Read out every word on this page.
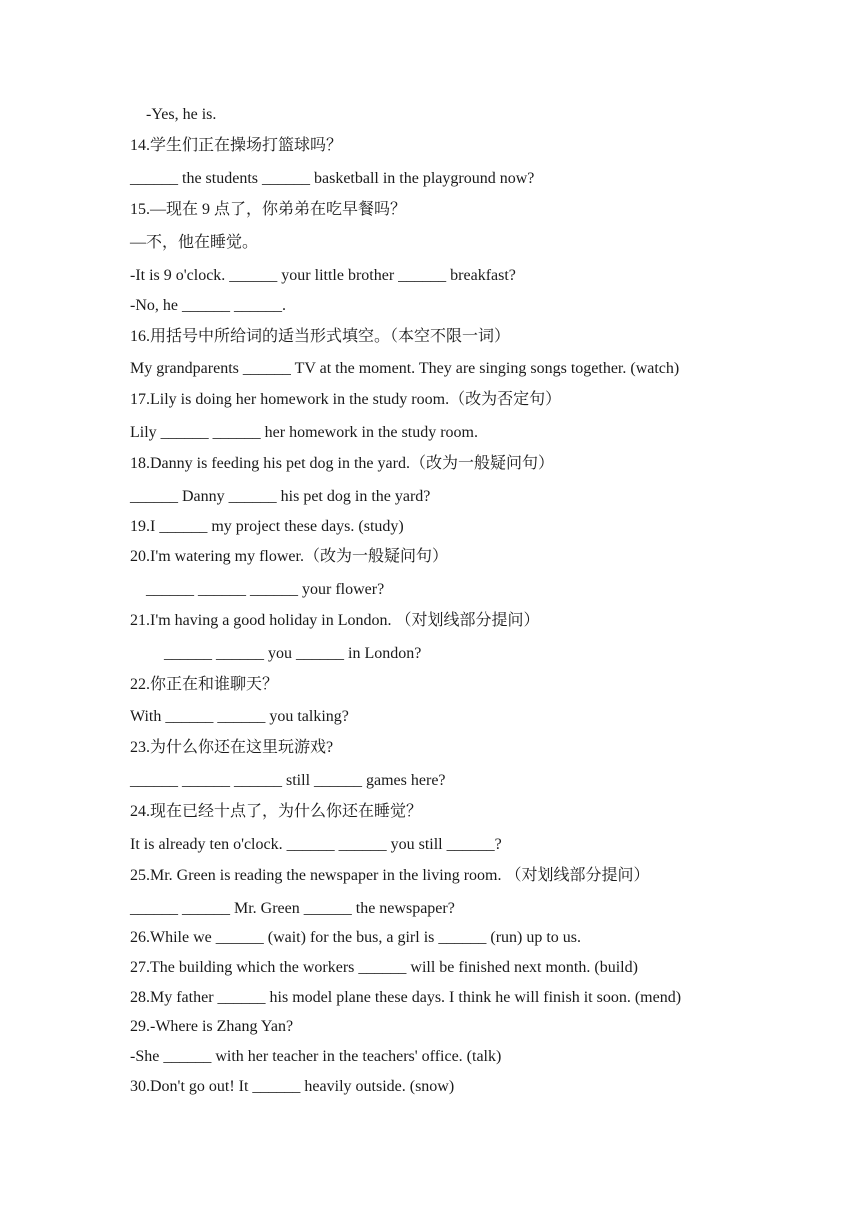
-Yes, he is.
14.学生们正在操场打篮球吗？
______ the students ______ basketball in the playground now?
15.—现在 9 点了，你弟弟在吃早餐吗？
—不，他在睡觉。
-It is 9 o'clock. ______ your little brother ______ breakfast?
-No, he ______ ______.
16.用括号中所给词的适当形式填空。（本空不限一词）
My grandparents ______ TV at the moment. They are singing songs together. (watch)
17.Lily is doing her homework in the study room.（改为否定句）
Lily ______ ______ her homework in the study room.
18.Danny is feeding his pet dog in the yard.（改为一般疑问句）
______ Danny ______ his pet dog in the yard?
19.I ______ my project these days. (study)
20.I'm watering my flower.（改为一般疑问句）
______ ______ ______ your flower?
21.I'm having a good holiday in London. （对划线部分提问）
______ ______ you ______ in London?
22.你正在和谁聊天？
With ______ ______ you talking?
23.为什么你还在这里玩游戏?
______ ______ ______ still ______ games here?
24.现在已经十点了，为什么你还在睡觉？
It is already ten o'clock. ______ ______ you still ______?
25.Mr. Green is reading the newspaper in the living room. （对划线部分提问）
______ ______ Mr. Green ______ the newspaper?
26.While we ______ (wait) for the bus, a girl is ______ (run) up to us.
27.The building which the workers ______ will be finished next month. (build)
28.My father ______ his model plane these days. I think he will finish it soon. (mend)
29.-Where is Zhang Yan?
-She ______ with her teacher in the teachers' office. (talk)
30.Don't go out! It ______ heavily outside. (snow)
